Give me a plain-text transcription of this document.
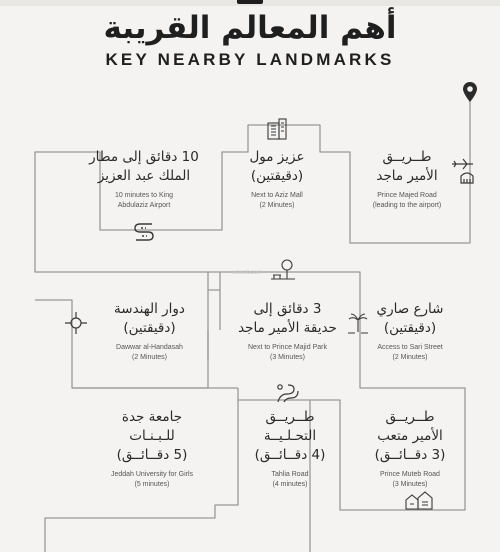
أهم المعالم القريبة
KEY NEARBY LANDMARKS
طــريــق
الأمير ماجد
Prince Majed Road
(leading to the airport)
عزيز مول
(دقيقتين)
Next to Aziz Mall
(2 Minutes)
10 دقائق إلى مطار
الملك عبد العزيز
10 minutes to King
Abdulaziz Airport
شارع صاري
(دقيقتين)
Access to Sari Street
(2 Minutes)
3 دقائق إلى
حديقة الأمير ماجد
Next to Prince Majid Park
(3 Minutes)
دوار الهندسة
(دقيقتين)
Dawwar al-Handasah
(2 Minutes)
طــريــق
الأمير متعب
(3 دقــائــق)
Prince Muteb Road
(3 Minutes)
طــريــق
التحـلـيــة
(4 دقــائــق)
Tahlia Road
(4 minutes)
جامعة جدة
للـبـنـات
(5 دقــائــق)
Jeddah University for Girls
(5 minutes)
wasalt.com
